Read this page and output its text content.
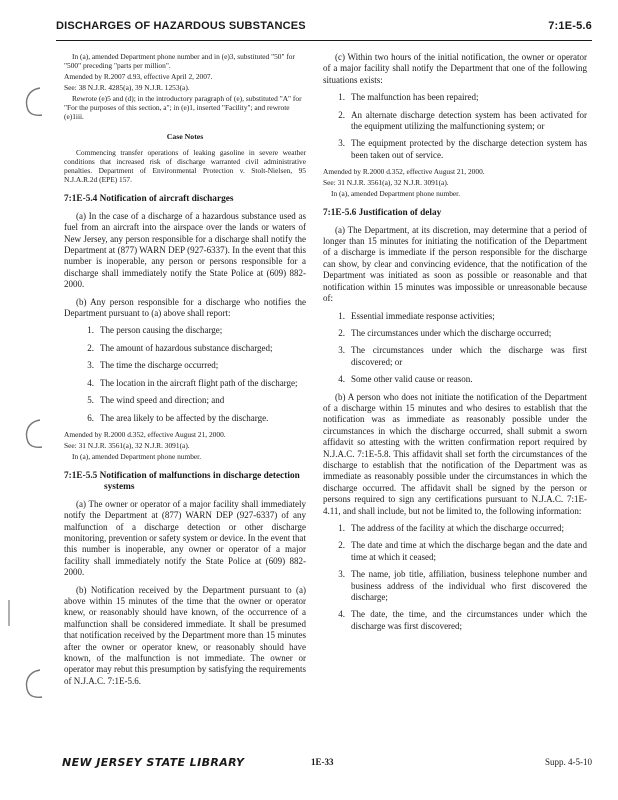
DISCHARGES OF HAZARDOUS SUBSTANCES	7:1E-5.6

In (a), amended Department phone number and in (e)3, substituted "50" for "500" preceding "parts per million".

Amended by R.2007 d.93, effective April 2, 2007.

See: 38 N.J.R. 4285(a), 39 N.J.R. 1253(a).

Rewrote (e)5 and (d); in the introductory paragraph of (e), substituted "A" for "For the purposes of this section, a"; in (e)1, inserted "Facility"; and rewrote (e)1iii.

Case Notes

Commencing transfer operations of leaking gasoline in severe weather conditions that increased risk of discharge warranted civil administrative penalties. Department of Environmental Protection v. Stolt-Nielsen, 95 N.J.A.R.2d (EPE) 157.

7:1E-5.4 Notification of aircraft discharges

(a) In the case of a discharge of a hazardous substance used as fuel from an aircraft into the airspace over the lands or waters of New Jersey, any person responsible for a discharge shall notify the Department at (877) WARN DEP (927-6337). In the event that this number is inoperable, any person or persons responsible for a discharge shall immediately notify the State Police at (609) 882-2000.

(b) Any person responsible for a discharge who notifies the Department pursuant to (a) above shall report:

1. The person causing the discharge;
2. The amount of hazardous substance discharged;
3. The time the discharge occurred;
4. The location in the aircraft flight path of the discharge;
5. The wind speed and direction; and
6. The area likely to be affected by the discharge.

Amended by R.2000 d.352, effective August 21, 2000.

See: 31 N.J.R. 3561(a), 32 N.J.R. 3091(a).

In (a), amended Department phone number.

7:1E-5.5 Notification of malfunctions in discharge detection systems

(a) The owner or operator of a major facility shall immediately notify the Department at (877) WARN DEP (927-6337) of any malfunction of a discharge detection or other discharge monitoring, prevention or safety system or device. In the event that this number is inoperable, any owner or operator of a major facility shall immediately notify the State Police at (609) 882-2000.

(b) Notification received by the Department pursuant to (a) above within 15 minutes of the time that the owner or operator knew, or reasonably should have known, of the occurrence of a malfunction shall be considered immediate. It shall be presumed that notification received by the Department more than 15 minutes after the owner or operator knew, or reasonably should have known, of the malfunction is not immediate. The owner or operator may rebut this presumption by satisfying the requirements of N.J.A.C. 7:1E-5.6.

(c) Within two hours of the initial notification, the owner or operator of a major facility shall notify the Department that one of the following situations exists:

1. The malfunction has been repaired;
2. An alternate discharge detection system has been activated for the equipment utilizing the malfunctioning system; or
3. The equipment protected by the discharge detection system has been taken out of service.

Amended by R.2000 d.352, effective August 21, 2000.

See: 31 N.J.R. 3561(a), 32 N.J.R. 3091(a).

In (a), amended Department phone number.

7:1E-5.6 Justification of delay

(a) The Department, at its discretion, may determine that a period of longer than 15 minutes for initiating the notification of the Department of a discharge is immediate if the person responsible for the discharge can show, by clear and convincing evidence, that the notification of the Department was initiated as soon as possible or reasonable and that notification within 15 minutes was impossible or unreasonable because of:

1. Essential immediate response activities;
2. The circumstances under which the discharge occurred;
3. The circumstances under which the discharge was first discovered; or
4. Some other valid cause or reason.

(b) A person who does not initiate the notification of the Department of a discharge within 15 minutes and who desires to establish that the notification was as immediate as reasonably possible under the circumstances in which the discharge occurred, shall submit a sworn affidavit so attesting with the written confirmation report required by N.J.A.C. 7:1E-5.8. This affidavit shall set forth the circumstances of the discharge to establish that the notification of the Department was as immediate as reasonably possible under the circumstances in which the discharge occurred. The affidavit shall be signed by the person or persons required to sign any certifications pursuant to N.J.A.C. 7:1E-4.11, and shall include, but not be limited to, the following information:

1. The address of the facility at which the discharge occurred;
2. The date and time at which the discharge began and the date and time at which it ceased;
3. The name, job title, affiliation, business telephone number and business address of the individual who first discovered the discharge;
4. The date, the time, and the circumstances under which the discharge was first discovered;
NEW JERSEY STATE LIBRARY	1E-33	Supp. 4-5-10
